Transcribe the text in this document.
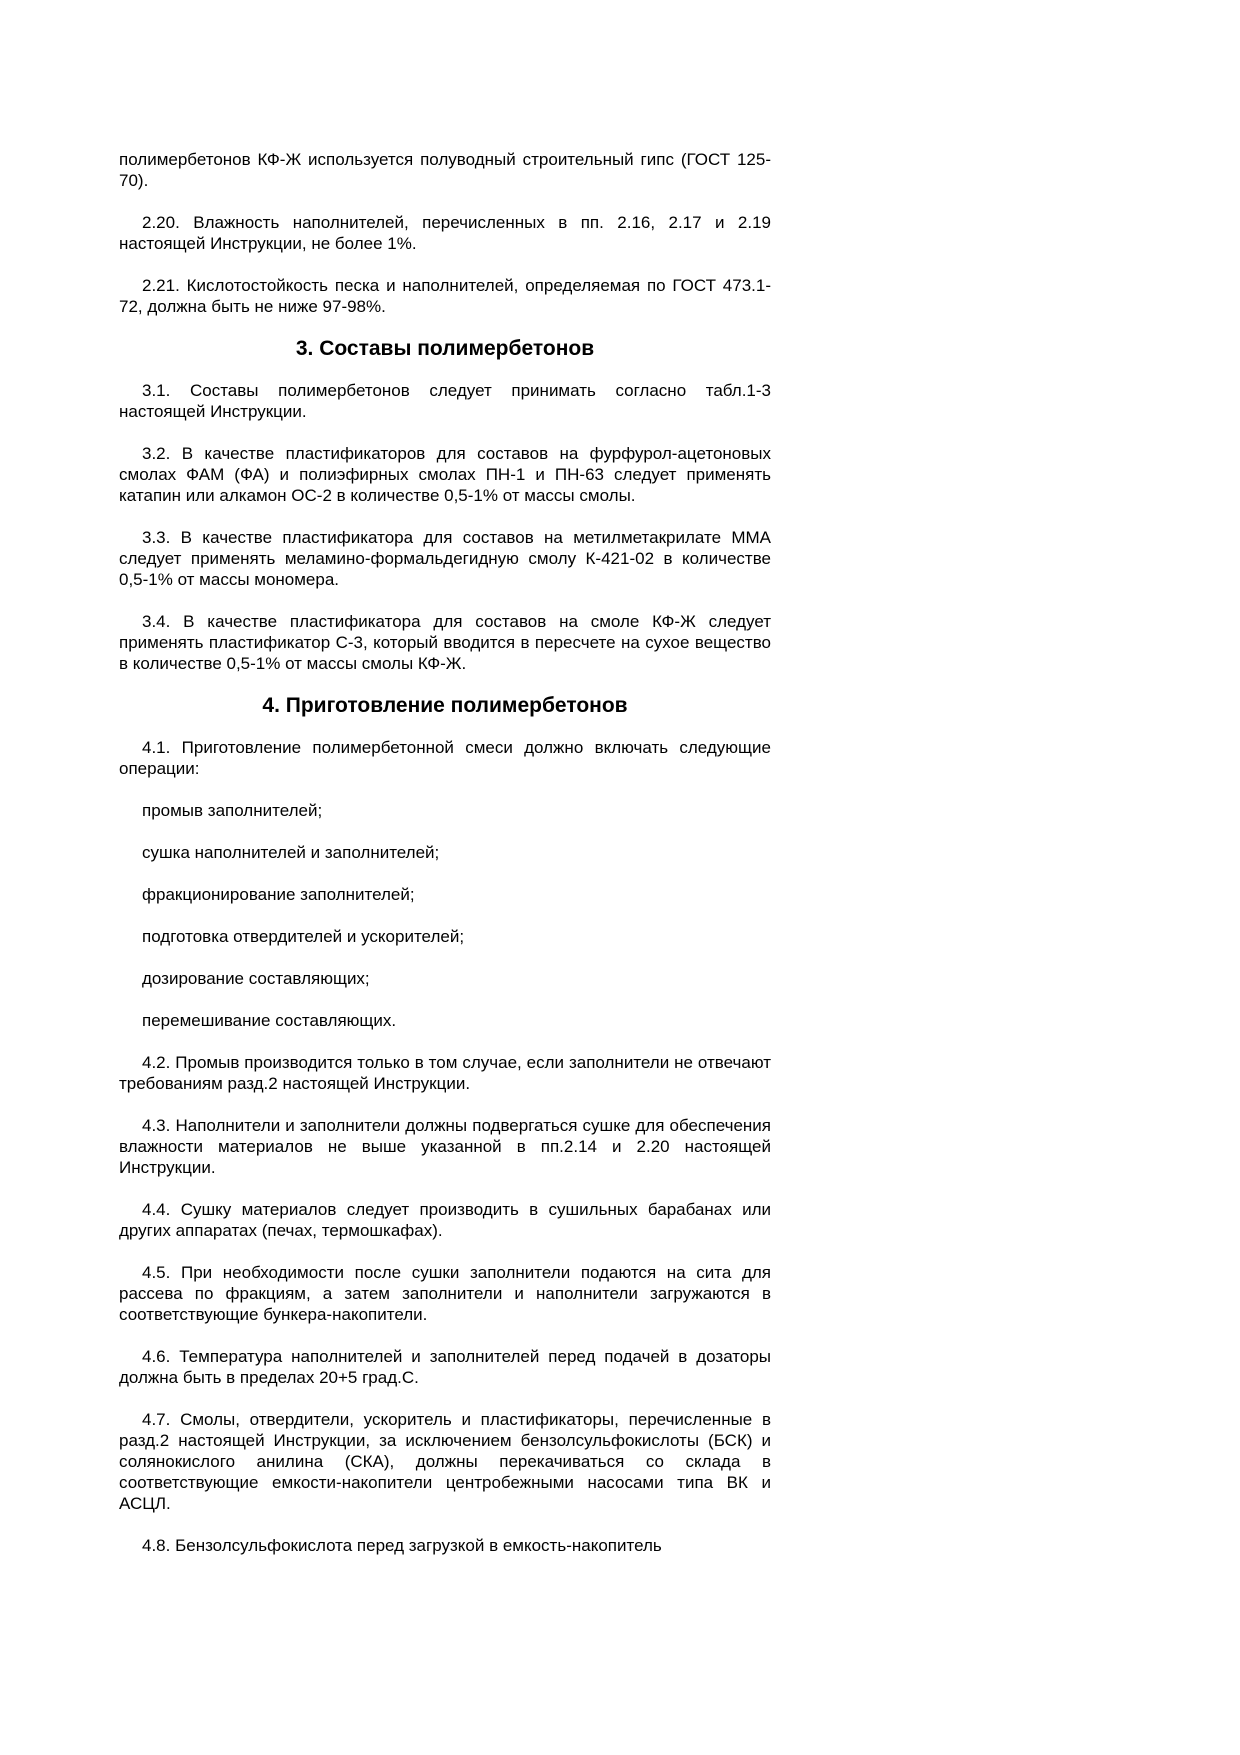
полимербетонов КФ-Ж используется полуводный строительный гипс (ГОСТ 125-70).

2.20. Влажность наполнителей, перечисленных в пп. 2.16, 2.17 и 2.19 настоящей Инструкции, не более 1%.

2.21. Кислотостойкость песка и наполнителей, определяемая по ГОСТ 473.1-72, должна быть не ниже 97-98%.

3. Составы полимербетонов

3.1. Составы полимербетонов следует принимать согласно табл.1-3 настоящей Инструкции.

3.2. В качестве пластификаторов для составов на фурфурол-ацетоновых смолах ФАМ (ФА) и полиэфирных смолах ПН-1 и ПН-63 следует применять катапин или алкамон ОС-2 в количестве 0,5-1% от массы смолы.

3.3. В качестве пластификатора для составов на метилметакрилате ММА следует применять меламино-формальдегидную смолу К-421-02 в количестве 0,5-1% от массы мономера.

3.4. В качестве пластификатора для составов на смоле КФ-Ж следует применять пластификатор С-3, который вводится в пересчете на сухое вещество в количестве 0,5-1% от массы смолы КФ-Ж.

4. Приготовление полимербетонов

4.1. Приготовление полимербетонной смеси должно включать следующие операции:

промыв заполнителей;

сушка наполнителей и заполнителей;

фракционирование заполнителей;

подготовка отвердителей и ускорителей;

дозирование составляющих;

перемешивание составляющих.

4.2. Промыв производится только в том случае, если заполнители не отвечают требованиям разд.2 настоящей Инструкции.

4.3. Наполнители и заполнители должны подвергаться сушке для обеспечения влажности материалов не выше указанной в пп.2.14 и 2.20 настоящей Инструкции.

4.4. Сушку материалов следует производить в сушильных барабанах или других аппаратах (печах, термошкафах).

4.5. При необходимости после сушки заполнители подаются на сита для рассева по фракциям, а затем заполнители и наполнители загружаются в соответствующие бункера-накопители.

4.6. Температура наполнителей и заполнителей перед подачей в дозаторы должна быть в пределах 20+5 град.С.

4.7. Смолы, отвердители, ускоритель и пластификаторы, перечисленные в разд.2 настоящей Инструкции, за исключением бензолсульфокислоты (БСК) и солянокислого анилина (СКА), должны перекачиваться со склада в соответствующие емкости-накопители центробежными насосами типа ВК и АСЦЛ.

4.8. Бензолсульфокислота перед загрузкой в емкость-накопитель
